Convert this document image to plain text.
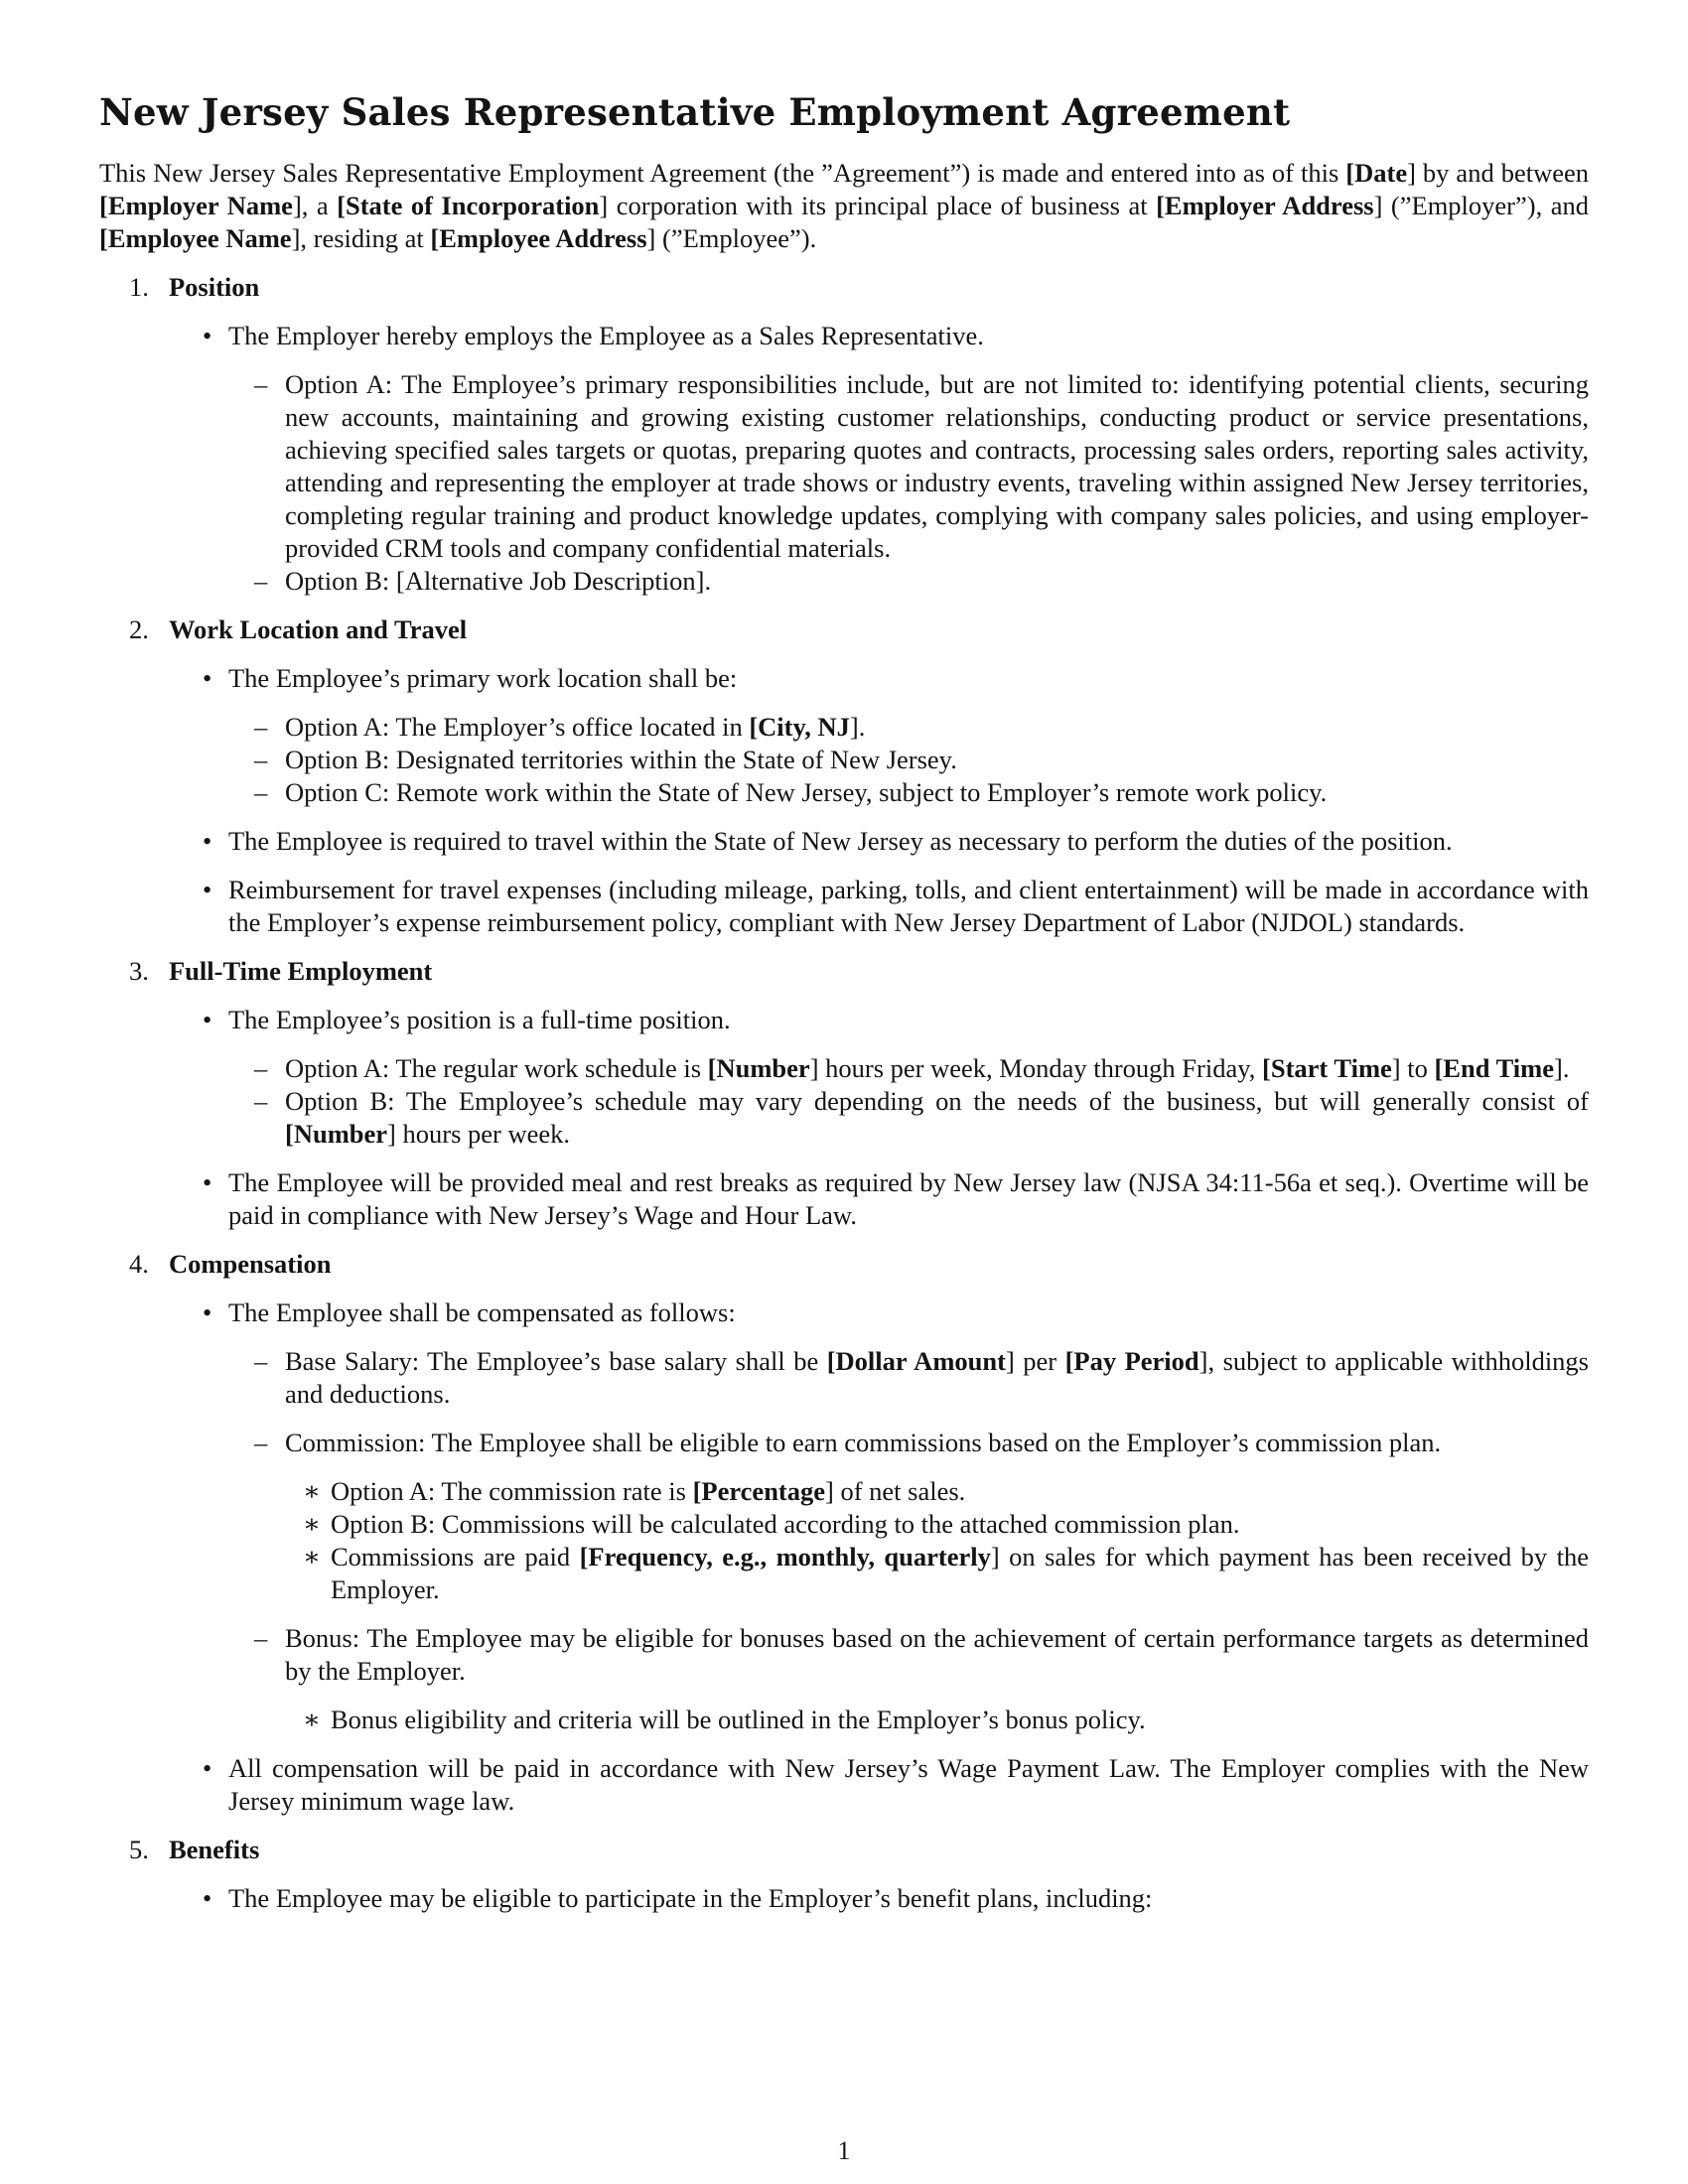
New Jersey Sales Representative Employment Agreement

This New Jersey Sales Representative Employment Agreement (the ”Agreement”) is made and entered into as of this [Date] by and between [Employer Name], a [State of Incorporation] corporation with its principal place of business at [Employer Address] (”Employer”), and [Employee Name], residing at [Employee Address] (”Employee”).

1. Position
• The Employer hereby employs the Employee as a Sales Representative.
– Option A: The Employee’s primary responsibilities include, but are not limited to: identifying potential clients, securing new accounts, maintaining and growing existing customer relationships, conducting product or service presentations, achieving specified sales targets or quotas, preparing quotes and contracts, processing sales orders, reporting sales activity, attending and representing the employer at trade shows or industry events, traveling within assigned New Jersey territories, completing regular training and product knowledge updates, complying with company sales policies, and using employer-provided CRM tools and company confidential materials.
– Option B: [Alternative Job Description].
2. Work Location and Travel
• The Employee’s primary work location shall be:
– Option A: The Employer’s office located in [City, NJ].
– Option B: Designated territories within the State of New Jersey.
– Option C: Remote work within the State of New Jersey, subject to Employer’s remote work policy.
• The Employee is required to travel within the State of New Jersey as necessary to perform the duties of the position.
• Reimbursement for travel expenses (including mileage, parking, tolls, and client entertainment) will be made in accordance with the Employer’s expense reimbursement policy, compliant with New Jersey Department of Labor (NJDOL) standards.
3. Full-Time Employment
• The Employee’s position is a full-time position.
– Option A: The regular work schedule is [Number] hours per week, Monday through Friday, [Start Time] to [End Time].
– Option B: The Employee’s schedule may vary depending on the needs of the business, but will generally consist of [Number] hours per week.
• The Employee will be provided meal and rest breaks as required by New Jersey law (NJSA 34:11-56a et seq.). Overtime will be paid in compliance with New Jersey’s Wage and Hour Law.
4. Compensation
• The Employee shall be compensated as follows:
– Base Salary: The Employee’s base salary shall be [Dollar Amount] per [Pay Period], subject to applicable withholdings and deductions.
– Commission: The Employee shall be eligible to earn commissions based on the Employer’s commission plan.
∗ Option A: The commission rate is [Percentage] of net sales.
∗ Option B: Commissions will be calculated according to the attached commission plan.
∗ Commissions are paid [Frequency, e.g., monthly, quarterly] on sales for which payment has been received by the Employer.
– Bonus: The Employee may be eligible for bonuses based on the achievement of certain performance targets as determined by the Employer.
∗ Bonus eligibility and criteria will be outlined in the Employer’s bonus policy.
• All compensation will be paid in accordance with New Jersey’s Wage Payment Law. The Employer complies with the New Jersey minimum wage law.
5. Benefits
• The Employee may be eligible to participate in the Employer’s benefit plans, including:
1
